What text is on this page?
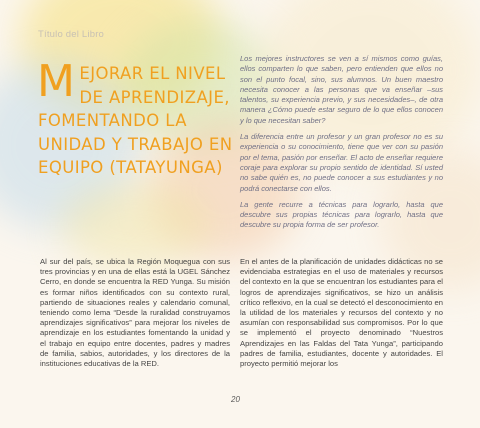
Título del Libro
MEJORAR EL NIVEL DE APRENDIZAJE, FOMENTANDO LA UNIDAD Y TRABAJO EN EQUIPO (TATAYUNGA)

Los mejores instructores se ven a sí mismos como guías, ellos comparten lo que saben, pero entienden que ellos no son el punto focal, sino, sus alumnos. Un buen maestro necesita conocer a las personas que va enseñar –sus talentos, su experiencia previo, y sus necesidades–, de otra manera ¿Cómo puede estar seguro de lo que ellos conocen y lo que necesitan saber?

La diferencia entre un profesor y un gran profesor no es su experiencia o su conocimiento, tiene que ver con su pasión por el tema, pasión por enseñar. El acto de enseñar requiere coraje para explorar su propio sentido de identidad. Sí usted no sabe quién es, no puede conocer a sus estudiantes y no podrá conectarse con ellos.

La gente recurre a técnicas para lograrlo, hasta que descubre sus propias técnicas para lograrlo, hasta que descubre su propia forma de ser profesor.

Al sur del país, se ubica la Región Moquegua con sus tres provincias y en una de ellas está la UGEL Sánchez Cerro, en donde se encuentra la RED Yunga. Su misión es formar niños identificados con su contexto rural, partiendo de situaciones reales y calendario comunal, teniendo como lema “Desde la ruralidad construyamos aprendizajes significativos” para mejorar los niveles de aprendizaje en los estudiantes fomentando la unidad y el trabajo en equipo entre docentes, padres y madres de familia, sabios, autoridades, y los directores de la instituciones educativas de la RED.

En el antes de la planificación de unidades didácticas no se evidenciaba estrategias en el uso de materiales y recursos del contexto en la que se encuentran los estudiantes para el logros de aprendizajes significativos, se hizo un análisis crítico reflexivo, en la cual se detectó el desconocimiento en la utilidad de los materiales y recursos del contexto y no asumían con responsabilidad sus compromisos. Por lo que se implementó el proyecto denominado “Nuestros Aprendizajes en las Faldas del Tata Yunga”, participando padres de familia, estudiantes, docente y autoridades. El proyecto permitió mejorar los

20
